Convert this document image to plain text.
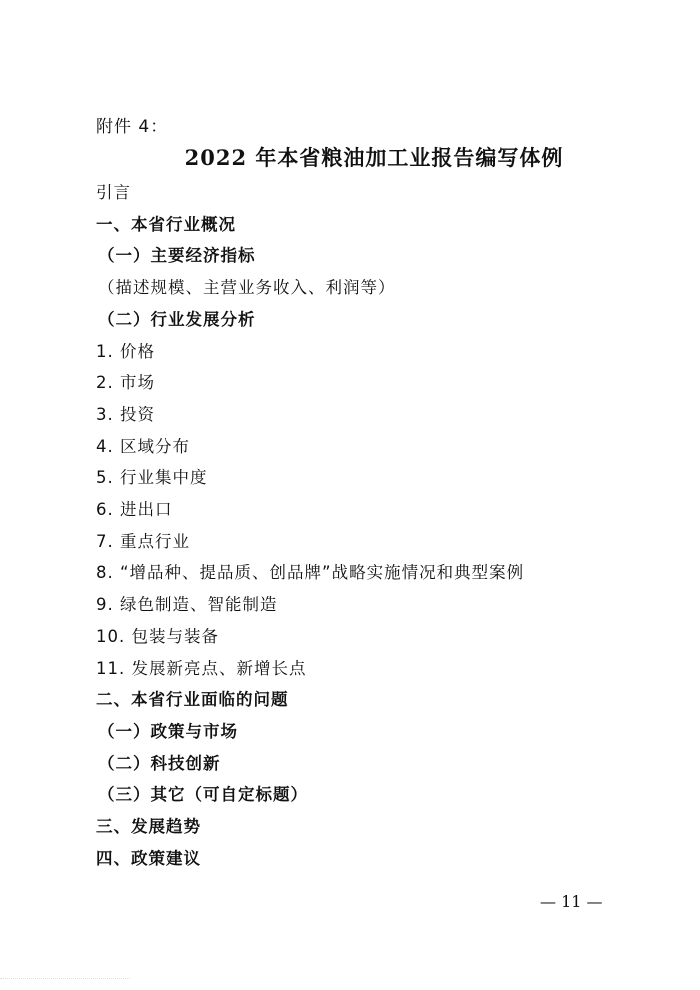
附件 4：
2022 年本省粮油加工业报告编写体例
引言
一、本省行业概况
（一）主要经济指标
（描述规模、主营业务收入、利润等）
（二）行业发展分析
1. 价格
2. 市场
3. 投资
4. 区域分布
5. 行业集中度
6. 进出口
7. 重点行业
8. “增品种、提品质、创品牌”战略实施情况和典型案例
9. 绿色制造、智能制造
10. 包装与装备
11. 发展新亮点、新增长点
二、本省行业面临的问题
（一）政策与市场
（二）科技创新
（三）其它（可自定标题）
三、发展趋势
四、政策建议
— 11 —
